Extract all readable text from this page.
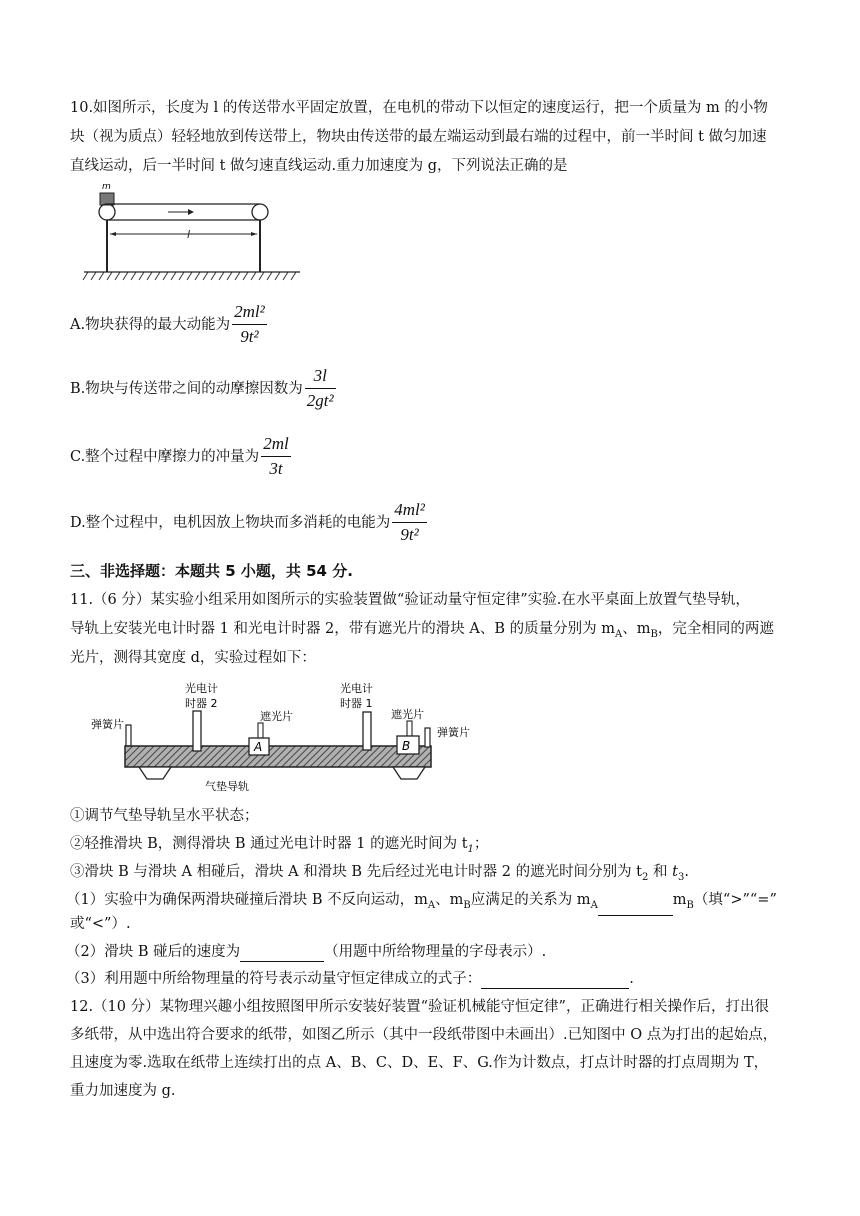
10.如图所示，长度为 l 的传送带水平固定放置，在电机的带动下以恒定的速度运行，把一个质量为 m 的小物
块（视为质点）轻轻地放到传送带上，物块由传送带的最左端运动到最右端的过程中，前一半时间 t 做匀加速
直线运动，后一半时间 t 做匀速直线运动.重力加速度为 g，下列说法正确的是
m
l
A.物块获得的最大动能为 $\frac{\text{2ml²}}{\text{9t²}}$
B.物块与传送带之间的动摩擦因数为 $\frac{3l}{\text{2gt²}}$
C.整个过程中摩擦力的冲量为 $\frac{2ml}{3t}$
D.整个过程中，电机因放上物块而多消耗的电能为 $\frac{\text{4ml²}}{\text{9t²}}$
三、非选择题：本题共 5 小题，共 54 分.
11.（6 分）某实验小组采用如图所示的实验装置做“验证动量守恒定律”实验.在水平桌面上放置气垫导轨，
导轨上安装光电计时器 1 和光电计时器 2，带有遮光片的滑块 A、B 的质量分别为 $m_A$、$m_B$，完全相同的两遮
光片，测得其宽度 d，实验过程如下：
弹簧片
光电计
时器 2
遮光片
光电计
时器 1
遮光片
弹簧片
气垫导轨
A	B
①调节气垫导轨呈水平状态；
②轻推滑块 B，测得滑块 B 通过光电计时器 1 的遮光时间为 $t_1$；
③滑块 B 与滑块 A 相碰后，滑块 A 和滑块 B 先后经过光电计时器 2 的遮光时间分别为 $t_2$ 和 $t_3$.
（1）实验中为确保两滑块碰撞后滑块 B 不反向运动，$m_A$、$m_B$应满足的关系为 $m_A$	$m_B$（填“>”“=”
或“<”）.
（2）滑块 B 碰后的速度为	（用题中所给物理量的字母表示）.
（3）利用题中所给物理量的符号表示动量守恒定律成立的式子：	.
12.（10 分）某物理兴趣小组按照图甲所示安装好装置“验证机械能守恒定律”，正确进行相关操作后，打出很
多纸带，从中选出符合要求的纸带，如图乙所示（其中一段纸带图中未画出）.已知图中 O 点为打出的起始点，
且速度为零.选取在纸带上连续打出的点 A、B、C、D、E、F、G.作为计数点，打点计时器的打点周期为 T，
重力加速度为 g.
